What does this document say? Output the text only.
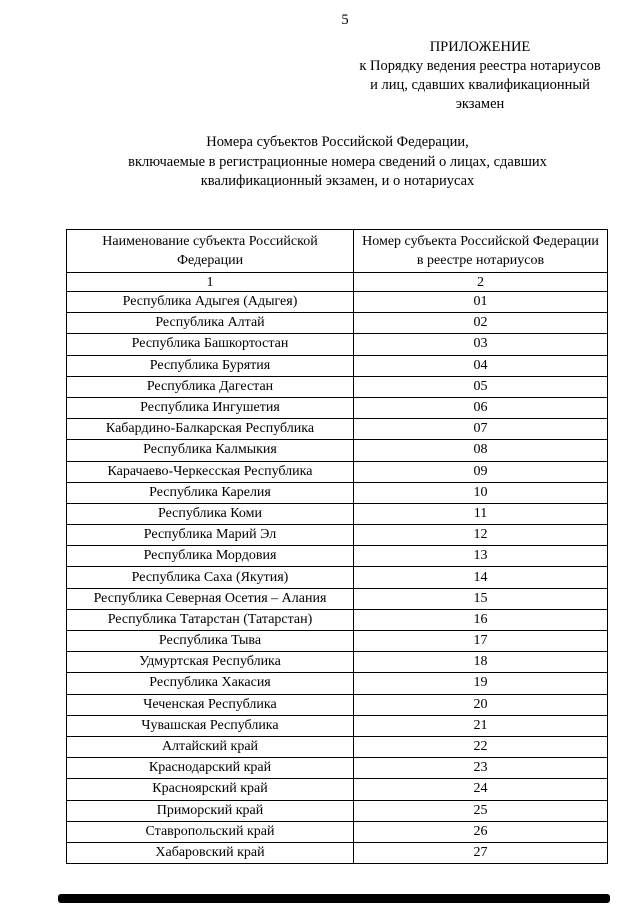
5
ПРИЛОЖЕНИЕ
к Порядку ведения реестра нотариусов
и лиц, сдавших квалификационный
экзамен
Номера субъектов Российской Федерации,
включаемые в регистрационные номера сведений о лицах, сдавших
квалификационный экзамен, и о нотариусах
Наименование субъекта Российской Федерации	Номер субъекта Российской Федерации в реестре нотариусов
1	2
Республика Адыгея (Адыгея)	01
Республика Алтай	02
Республика Башкортостан	03
Республика Бурятия	04
Республика Дагестан	05
Республика Ингушетия	06
Кабардино-Балкарская Республика	07
Республика Калмыкия	08
Карачаево-Черкесская Республика	09
Республика Карелия	10
Республика Коми	11
Республика Марий Эл	12
Республика Мордовия	13
Республика Саха (Якутия)	14
Республика Северная Осетия – Алания	15
Республика Татарстан (Татарстан)	16
Республика Тыва	17
Удмуртская Республика	18
Республика Хакасия	19
Чеченская Республика	20
Чувашская Республика	21
Алтайский край	22
Краснодарский край	23
Красноярский край	24
Приморский край	25
Ставропольский край	26
Хабаровский край	27
